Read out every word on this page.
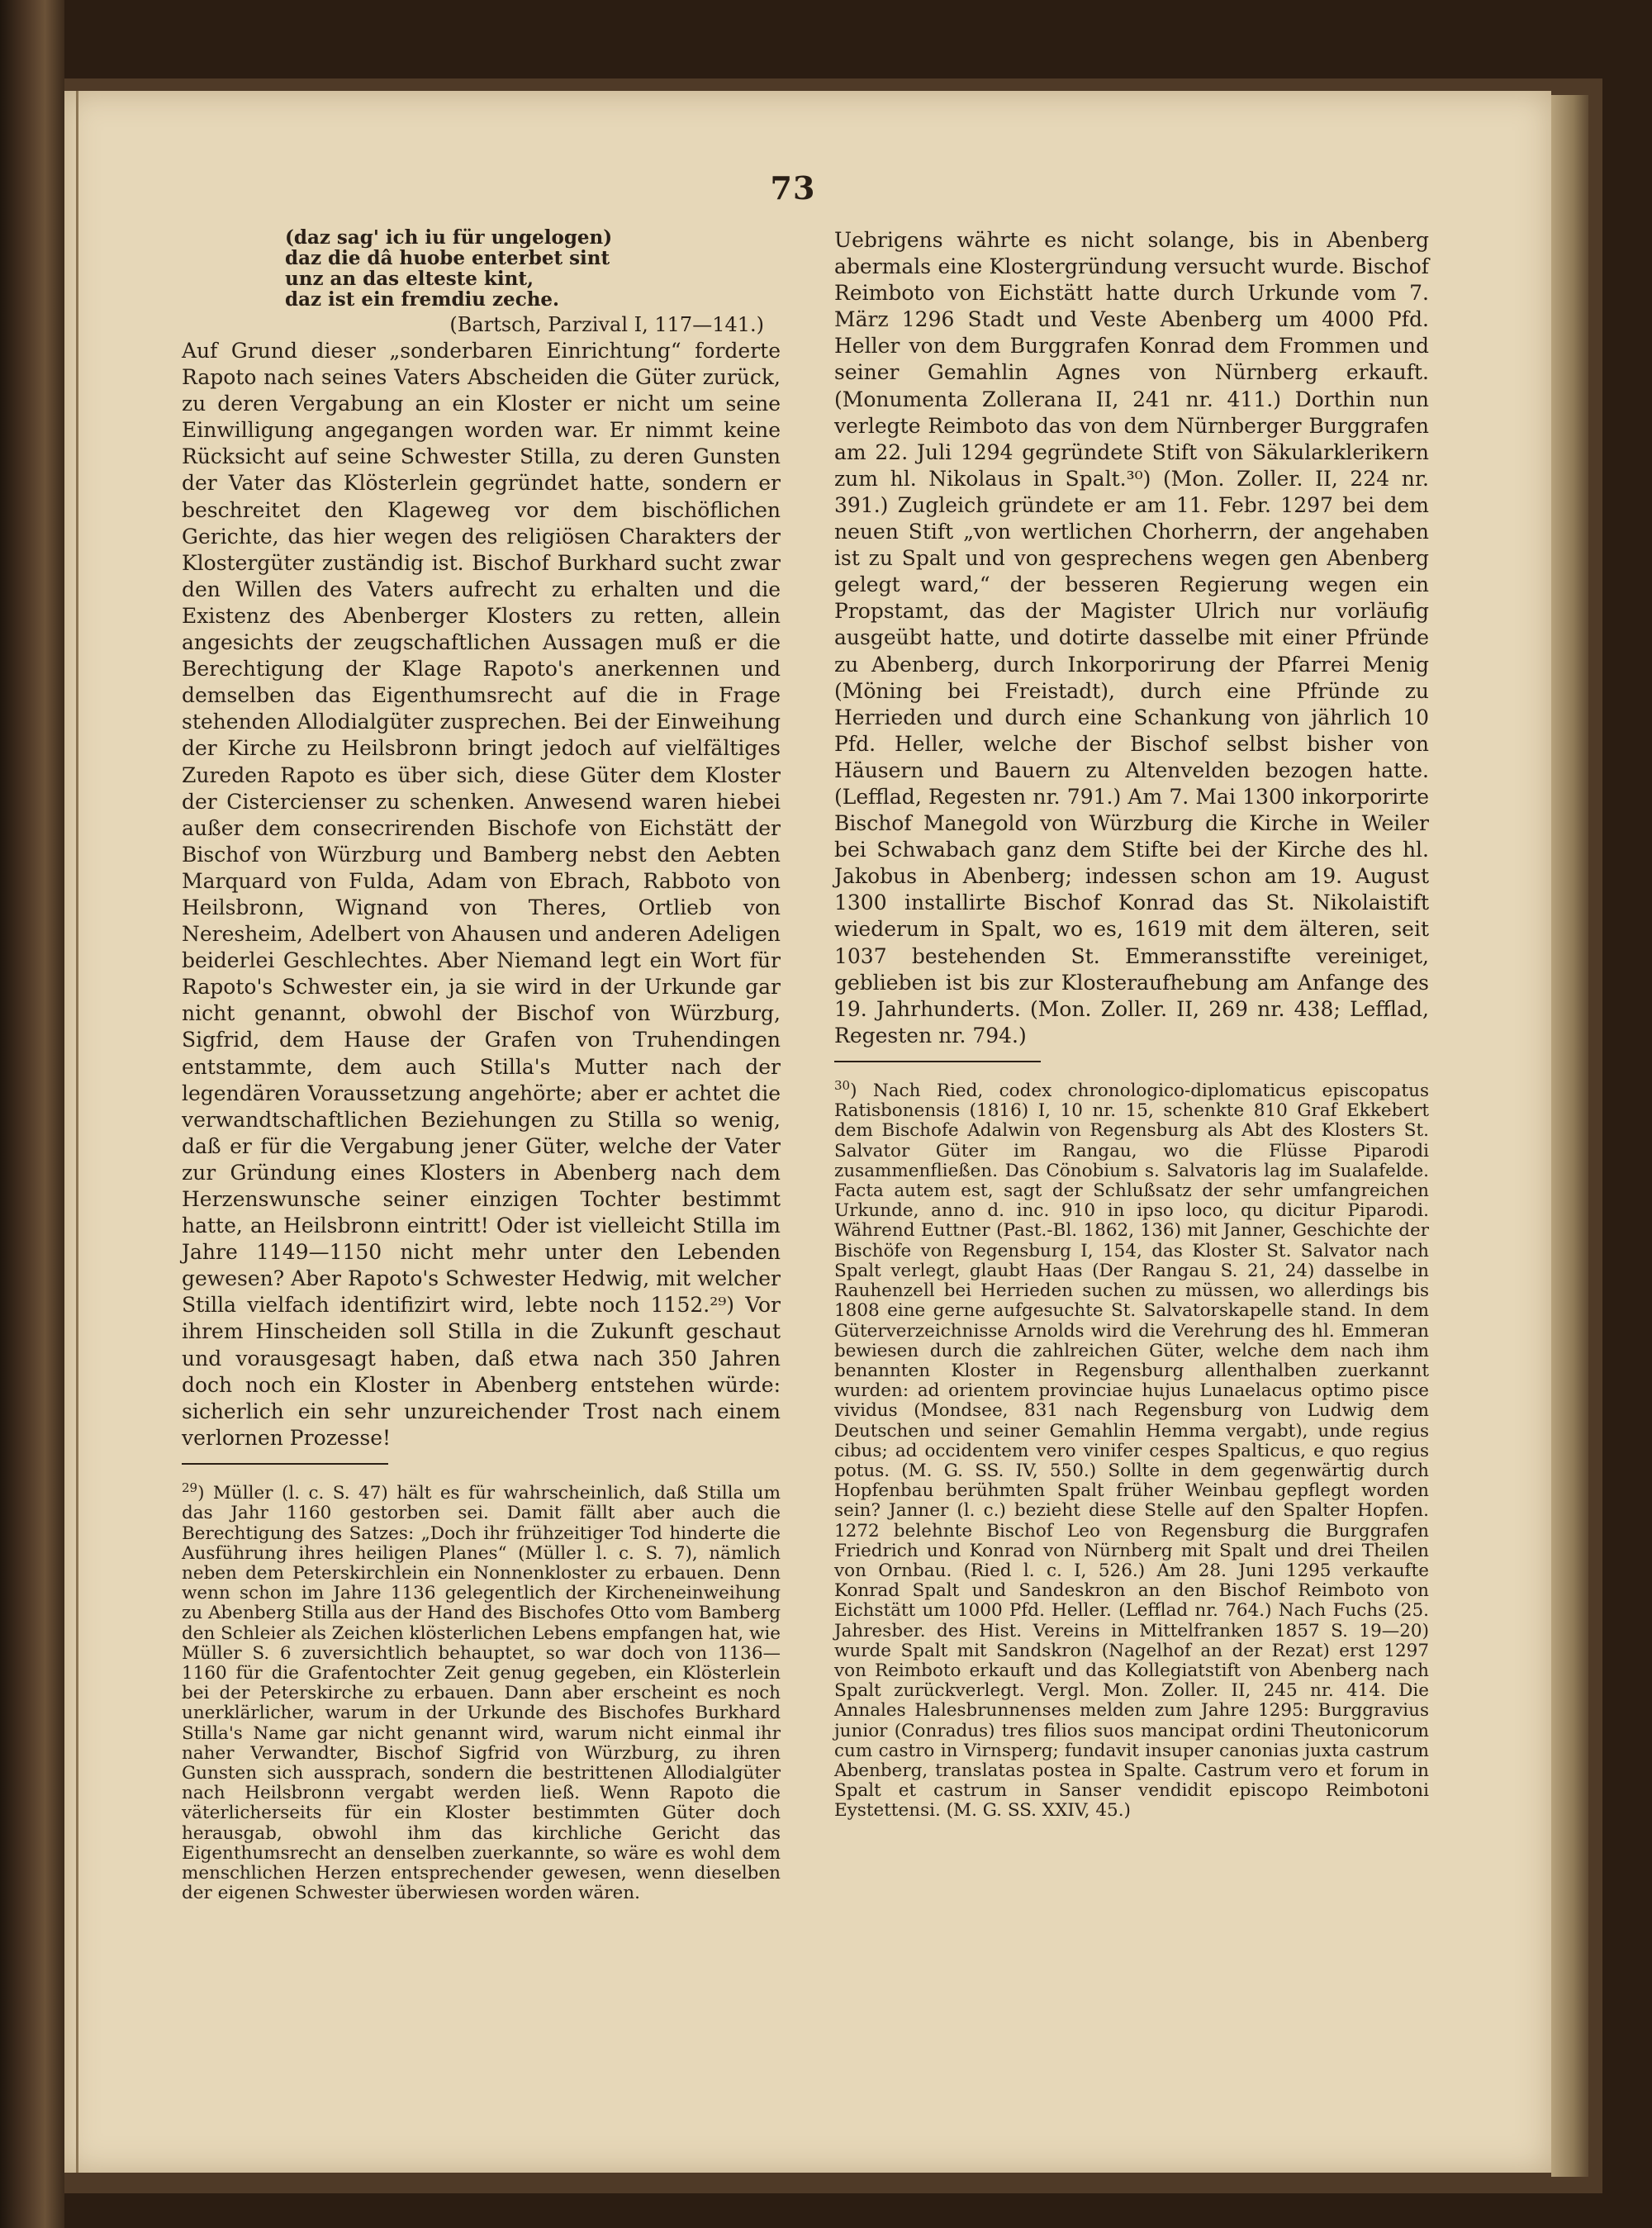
73
(daz sag' ich iu für ungelogen)
daz die dâ huobe enterbet sint
unz an das elteste kint,
daz ist ein fremdiu zeche.
(Bartsch, Parzival I, 117—141.)

Auf Grund dieser „sonderbaren Einrichtung“ forderte Rapoto nach seines Vaters Abscheiden die Güter zurück, zu deren Vergabung an ein Kloster er nicht um seine Einwilligung angegangen worden war. Er nimmt keine Rücksicht auf seine Schwester Stilla, zu deren Gunsten der Vater das Klösterlein gegründet hatte, sondern er beschreitet den Klageweg vor dem bischöflichen Gerichte, das hier wegen des religiösen Charakters der Klostergüter zuständig ist. Bischof Burkhard sucht zwar den Willen des Vaters aufrecht zu erhalten und die Existenz des Abenberger Klosters zu retten, allein angesichts der zeugschaftlichen Aussagen muß er die Berechtigung der Klage Rapoto's anerkennen und demselben das Eigenthumsrecht auf die in Frage stehenden Allodialgüter zusprechen. Bei der Einweihung der Kirche zu Heilsbronn bringt jedoch auf vielfältiges Zureden Rapoto es über sich, diese Güter dem Kloster der Cistercienser zu schenken. Anwesend waren hiebei außer dem consecrirenden Bischofe von Eichstätt der Bischof von Würzburg und Bamberg nebst den Aebten Marquard von Fulda, Adam von Ebrach, Rabboto von Heilsbronn, Wignand von Theres, Ortlieb von Neresheim, Adelbert von Ahausen und anderen Adeligen beiderlei Geschlechtes. Aber Niemand legt ein Wort für Rapoto's Schwester ein, ja sie wird in der Urkunde gar nicht genannt, obwohl der Bischof von Würzburg, Sigfrid, dem Hause der Grafen von Truhendingen entstammte, dem auch Stilla's Mutter nach der legendären Voraussetzung angehörte; aber er achtet die verwandtschaftlichen Beziehungen zu Stilla so wenig, daß er für die Vergabung jener Güter, welche der Vater zur Gründung eines Klosters in Abenberg nach dem Herzenswunsche seiner einzigen Tochter bestimmt hatte, an Heilsbronn eintritt! Oder ist vielleicht Stilla im Jahre 1149—1150 nicht mehr unter den Lebenden gewesen? Aber Rapoto's Schwester Hedwig, mit welcher Stilla vielfach identifizirt wird, lebte noch 1152.²⁹) Vor ihrem Hinscheiden soll Stilla in die Zukunft geschaut und vorausgesagt haben, daß etwa nach 350 Jahren doch noch ein Kloster in Abenberg entstehen würde: sicherlich ein sehr unzureichender Trost nach einem verlornen Prozesse!

$^{29}$) Müller (l. c. S. 47) hält es für wahrscheinlich, daß Stilla um das Jahr 1160 gestorben sei. Damit fällt aber auch die Berechtigung des Satzes: „Doch ihr frühzeitiger Tod hinderte die Ausführung ihres heiligen Planes“ (Müller l. c. S. 7), nämlich neben dem Peterskirchlein ein Nonnenkloster zu erbauen. Denn wenn schon im Jahre 1136 gelegentlich der Kircheneinweihung zu Abenberg Stilla aus der Hand des Bischofes Otto vom Bamberg den Schleier als Zeichen klösterlichen Lebens empfangen hat, wie Müller S. 6 zuversichtlich behauptet, so war doch von 1136—1160 für die Grafentochter Zeit genug gegeben, ein Klösterlein bei der Peterskirche zu erbauen. Dann aber erscheint es noch unerklärlicher, warum in der Urkunde des Bischofes Burkhard Stilla's Name gar nicht genannt wird, warum nicht einmal ihr naher Verwandter, Bischof Sigfrid von Würzburg, zu ihren Gunsten sich aussprach, sondern die bestrittenen Allodialgüter nach Heilsbronn vergabt werden ließ. Wenn Rapoto die väterlicherseits für ein Kloster bestimmten Güter doch herausgab, obwohl ihm das kirchliche Gericht das Eigenthumsrecht an denselben zuerkannte, so wäre es wohl dem menschlichen Herzen entsprechender gewesen, wenn dieselben der eigenen Schwester überwiesen worden wären.

Uebrigens währte es nicht solange, bis in Abenberg abermals eine Klostergründung versucht wurde. Bischof Reimboto von Eichstätt hatte durch Urkunde vom 7. März 1296 Stadt und Veste Abenberg um 4000 Pfd. Heller von dem Burggrafen Konrad dem Frommen und seiner Gemahlin Agnes von Nürnberg erkauft. (Monumenta Zollerana II, 241 nr. 411.) Dorthin nun verlegte Reimboto das von dem Nürnberger Burggrafen am 22. Juli 1294 gegründete Stift von Säkularklerikern zum hl. Nikolaus in Spalt.³⁰) (Mon. Zoller. II, 224 nr. 391.) Zugleich gründete er am 11. Febr. 1297 bei dem neuen Stift „von wertlichen Chorherrn, der angehaben ist zu Spalt und von gesprechens wegen gen Abenberg gelegt ward,“ der besseren Regierung wegen ein Propstamt, das der Magister Ulrich nur vorläufig ausgeübt hatte, und dotirte dasselbe mit einer Pfründe zu Abenberg, durch Inkorporirung der Pfarrei Menig (Möning bei Freistadt), durch eine Pfründe zu Herrieden und durch eine Schankung von jährlich 10 Pfd. Heller, welche der Bischof selbst bisher von Häusern und Bauern zu Altenvelden bezogen hatte. (Lefflad, Regesten nr. 791.) Am 7. Mai 1300 inkorporirte Bischof Manegold von Würzburg die Kirche in Weiler bei Schwabach ganz dem Stifte bei der Kirche des hl. Jakobus in Abenberg; indessen schon am 19. August 1300 installirte Bischof Konrad das St. Nikolaistift wiederum in Spalt, wo es, 1619 mit dem älteren, seit 1037 bestehenden St. Emmeransstifte vereiniget, geblieben ist bis zur Klosteraufhebung am Anfange des 19. Jahrhunderts. (Mon. Zoller. II, 269 nr. 438; Lefflad, Regesten nr. 794.)

$^{30}$) Nach Ried, codex chronologico-diplomaticus episcopatus Ratisbonensis (1816) I, 10 nr. 15, schenkte 810 Graf Ekkebert dem Bischofe Adalwin von Regensburg als Abt des Klosters St. Salvator Güter im Rangau, wo die Flüsse Piparodi zusammenfließen. Das Cönobium s. Salvatoris lag im Sualafelde. Facta autem est, sagt der Schlußsatz der sehr umfangreichen Urkunde, anno d. inc. 910 in ipso loco, qu dicitur Piparodi. Während Euttner (Past.-Bl. 1862, 136) mit Janner, Geschichte der Bischöfe von Regensburg I, 154, das Kloster St. Salvator nach Spalt verlegt, glaubt Haas (Der Rangau S. 21, 24) dasselbe in Rauhenzell bei Herrieden suchen zu müssen, wo allerdings bis 1808 eine gerne aufgesuchte St. Salvatorskapelle stand. In dem Güterverzeichnisse Arnolds wird die Verehrung des hl. Emmeran bewiesen durch die zahlreichen Güter, welche dem nach ihm benannten Kloster in Regensburg allenthalben zuerkannt wurden: ad orientem provinciae hujus Lunaelacus optimo pisce vividus (Mondsee, 831 nach Regensburg von Ludwig dem Deutschen und seiner Gemahlin Hemma vergabt), unde regius cibus; ad occidentem vero vinifer cespes Spalticus, e quo regius potus. (M. G. SS. IV, 550.) Sollte in dem gegenwärtig durch Hopfenbau berühmten Spalt früher Weinbau gepflegt worden sein? Janner (l. c.) bezieht diese Stelle auf den Spalter Hopfen. 1272 belehnte Bischof Leo von Regensburg die Burggrafen Friedrich und Konrad von Nürnberg mit Spalt und drei Theilen von Ornbau. (Ried l. c. I, 526.) Am 28. Juni 1295 verkaufte Konrad Spalt und Sandeskron an den Bischof Reimboto von Eichstätt um 1000 Pfd. Heller. (Lefflad nr. 764.) Nach Fuchs (25. Jahresber. des Hist. Vereins in Mittelfranken 1857 S. 19—20) wurde Spalt mit Sandskron (Nagelhof an der Rezat) erst 1297 von Reimboto erkauft und das Kollegiatstift von Abenberg nach Spalt zurückverlegt. Vergl. Mon. Zoller. II, 245 nr. 414. Die Annales Halesbrunnenses melden zum Jahre 1295: Burggravius junior (Conradus) tres filios suos mancipat ordini Theutonicorum cum castro in Virnsperg; fundavit insuper canonias juxta castrum Abenberg, translatas postea in Spalte. Castrum vero et forum in Spalt et castrum in Sanser vendidit episcopo Reimbotoni Eystettensi. (M. G. SS. XXIV, 45.)
